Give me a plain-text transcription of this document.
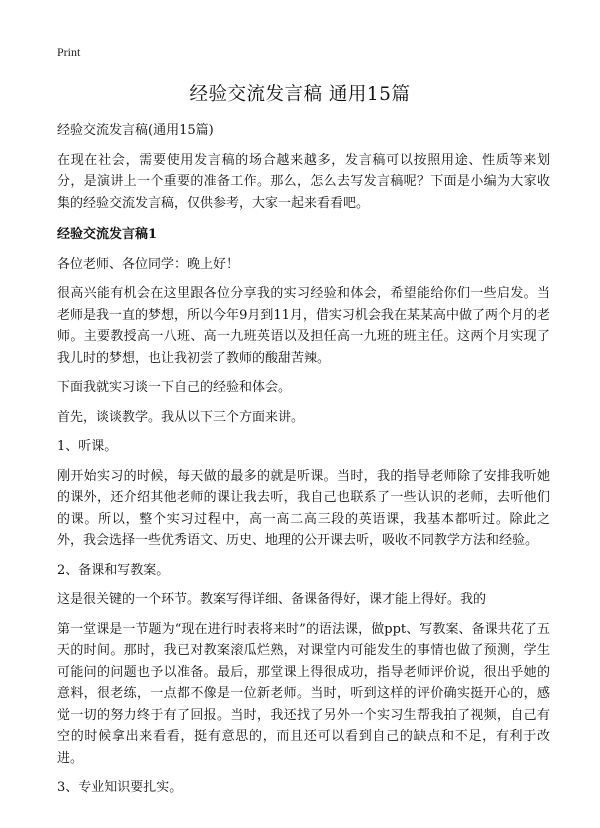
Print
经验交流发言稿 通用15篇

经验交流发言稿(通用15篇)

在现在社会，需要使用发言稿的场合越来越多，发言稿可以按照用途、性质等来划分，是演讲上一个重要的准备工作。那么，怎么去写发言稿呢？下面是小编为大家收集的经验交流发言稿，仅供参考，大家一起来看看吧。

经验交流发言稿1

各位老师、各位同学：晚上好！

很高兴能有机会在这里跟各位分享我的实习经验和体会，希望能给你们一些启发。当老师是我一直的梦想，所以今年9月到11月，借实习机会我在某某高中做了两个月的老师。主要教授高一八班、高一九班英语以及担任高一九班的班主任。这两个月实现了我儿时的梦想，也让我初尝了教师的酸甜苦辣。

下面我就实习谈一下自己的经验和体会。

首先，谈谈教学。我从以下三个方面来讲。

1、听课。

刚开始实习的时候，每天做的最多的就是听课。当时，我的指导老师除了安排我听她的课外，还介绍其他老师的课让我去听，我自己也联系了一些认识的老师，去听他们的课。所以，整个实习过程中，高一高二高三段的英语课，我基本都听过。除此之外，我会选择一些优秀语文、历史、地理的公开课去听，吸收不同教学方法和经验。

2、备课和写教案。

这是很关键的一个环节。教案写得详细、备课备得好，课才能上得好。我的

第一堂课是一节题为“现在进行时表将来时”的语法课，做ppt、写教案、备课共花了五天的时间。那时，我已对教案滚瓜烂熟，对课堂内可能发生的事情也做了预测，学生可能问的问题也予以准备。最后，那堂课上得很成功，指导老师评价说，很出乎她的意料，很老练，一点都不像是一位新老师。当时，听到这样的评价确实挺开心的，感觉一切的努力终于有了回报。当时，我还找了另外一个实习生帮我拍了视频，自己有空的时候拿出来看看，挺有意思的，而且还可以看到自己的缺点和不足，有利于改进。

3、专业知识要扎实。
